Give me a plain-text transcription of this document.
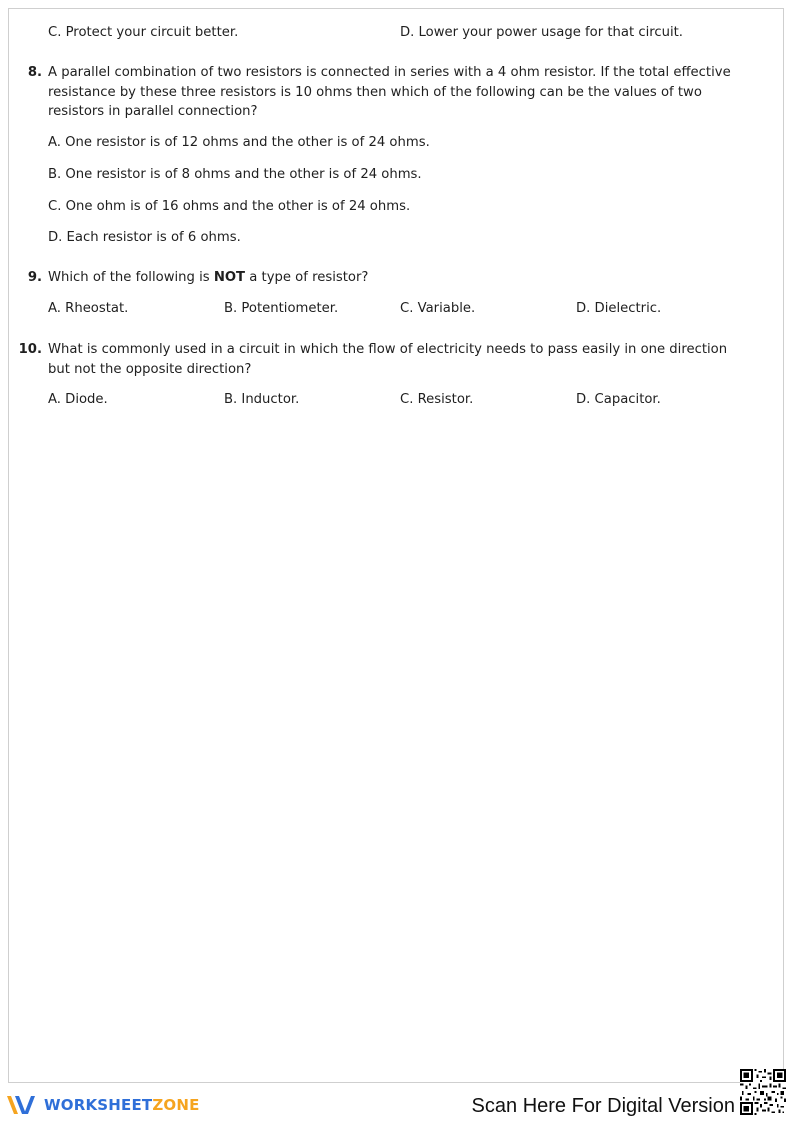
C. Protect your circuit better.	D. Lower your power usage for that circuit.
8. A parallel combination of two resistors is connected in series with a 4 ohm resistor. If the total effective resistance by these three resistors is 10 ohms then which of the following can be the values of two resistors in parallel connection?
A. One resistor is of 12 ohms and the other is of 24 ohms.
B. One resistor is of 8 ohms and the other is of 24 ohms.
C. One ohm is of 16 ohms and the other is of 24 ohms.
D. Each resistor is of 6 ohms.
9. Which of the following is NOT a type of resistor?
A. Rheostat.	B. Potentiometer.	C. Variable.	D. Dielectric.
10. What is commonly used in a circuit in which the flow of electricity needs to pass easily in one direction but not the opposite direction?
A. Diode.	B. Inductor.	C. Resistor.	D. Capacitor.
WORKSHEETZONE	Scan Here For Digital Version
